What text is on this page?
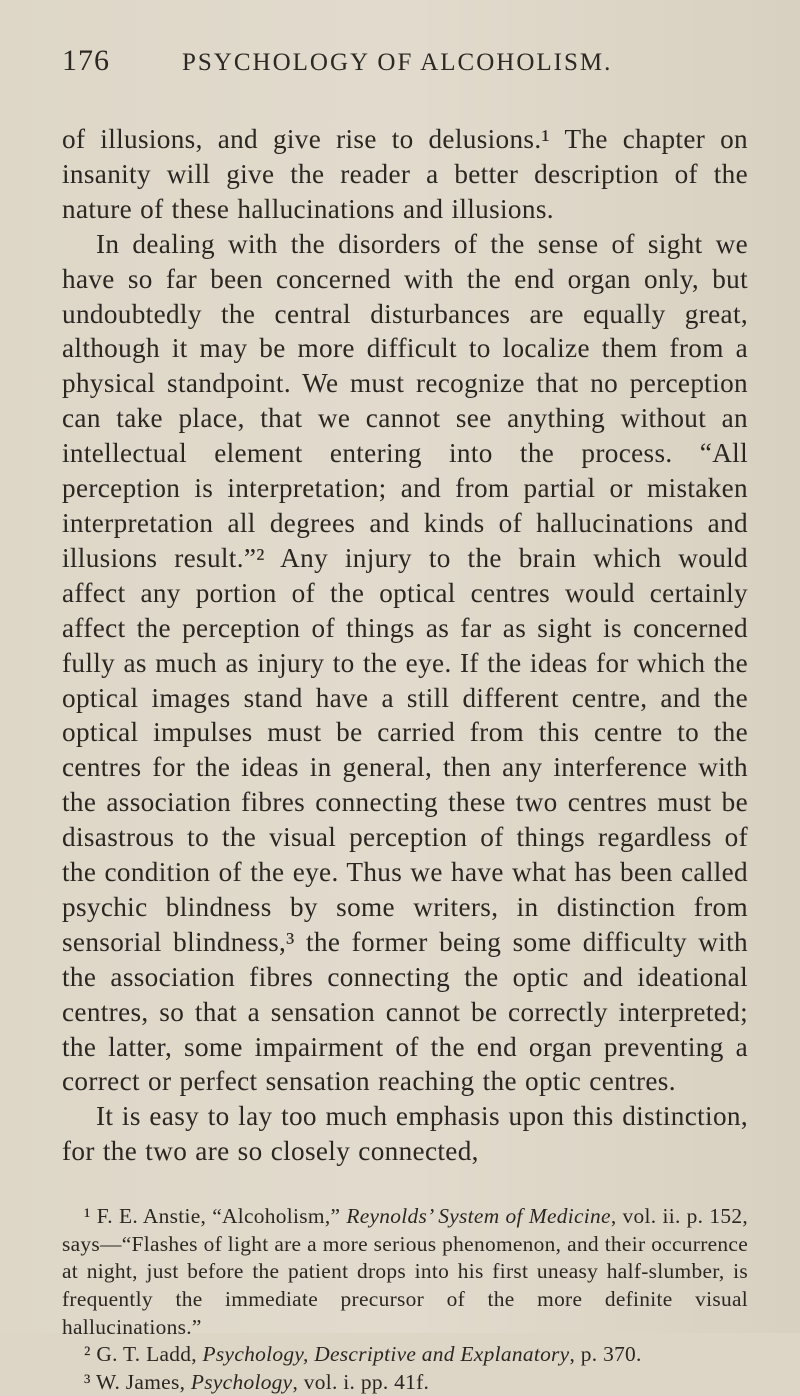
176	PSYCHOLOGY OF ALCOHOLISM.

of illusions, and give rise to delusions.¹ The chapter on insanity will give the reader a better description of the nature of these hallucinations and illusions.

In dealing with the disorders of the sense of sight we have so far been concerned with the end organ only, but undoubtedly the central disturbances are equally great, although it may be more difficult to localize them from a physical standpoint. We must recognize that no perception can take place, that we cannot see anything without an intellectual element entering into the process. “All perception is interpretation; and from partial or mistaken interpretation all degrees and kinds of hallucinations and illusions result.”² Any injury to the brain which would affect any portion of the optical centres would certainly affect the perception of things as far as sight is concerned fully as much as injury to the eye. If the ideas for which the optical images stand have a still different centre, and the optical impulses must be carried from this centre to the centres for the ideas in general, then any interference with the association fibres connecting these two centres must be disastrous to the visual perception of things regardless of the condition of the eye. Thus we have what has been called psychic blindness by some writers, in distinction from sensorial blindness,³ the former being some difficulty with the association fibres connecting the optic and ideational centres, so that a sensation cannot be correctly interpreted; the latter, some impairment of the end organ preventing a correct or perfect sensation reaching the optic centres.

It is easy to lay too much emphasis upon this distinction, for the two are so closely connected,

¹ F. E. Anstie, “Alcoholism,” Reynolds’ System of Medicine, vol. ii. p. 152, says—“Flashes of light are a more serious phenomenon, and their occurrence at night, just before the patient drops into his first uneasy half-slumber, is frequently the immediate precursor of the more definite visual hallucinations.”

² G. T. Ladd, Psychology, Descriptive and Explanatory, p. 370.

³ W. James, Psychology, vol. i. pp. 41f.
